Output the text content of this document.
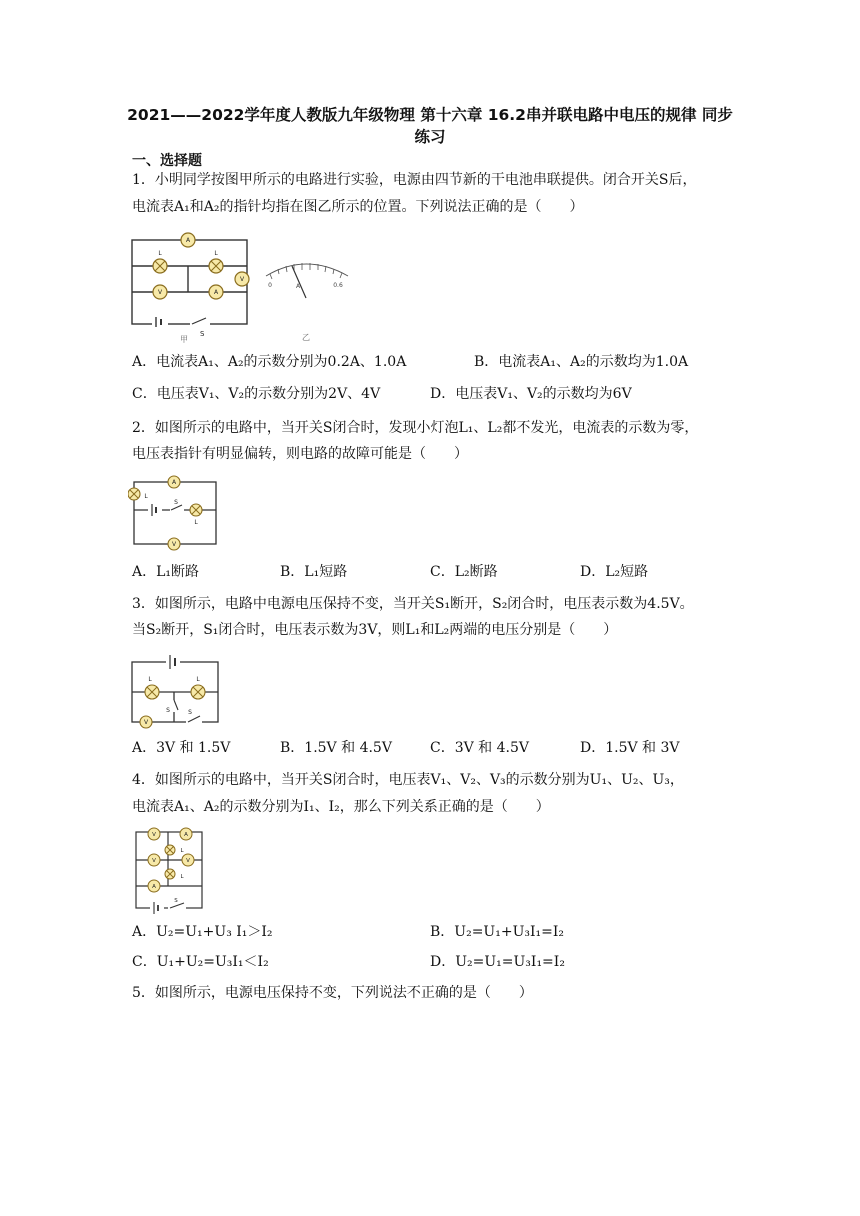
2021——2022学年度人教版九年级物理 第十六章 16.2串并联电路中电压的规律 同步练习
一、选择题
1．小明同学按图甲所示的电路进行实验，电源由四节新的干电池串联提供。闭合开关S后，
电流表A₁和A₂的指针均指在图乙所示的位置。下列说法正确的是（　　）
A
V
V	A
L	L
S
甲
0	A	0.6
乙
A．电流表A₁、A₂的示数分别为0.2A、1.0A	B．电流表A₁、A₂的示数均为1.0A
C．电压表V₁、V₂的示数分别为2V、4V	D．电压表V₁、V₂的示数均为6V
2．如图所示的电路中，当开关S闭合时，发现小灯泡L₁、L₂都不发光，电流表的示数为零，
电压表指针有明显偏转，则电路的故障可能是（　　）
A
V
L
L
S
A．L₁断路	B．L₁短路	C．L₂断路	D．L₂短路
3．如图所示，电路中电源电压保持不变，当开关S₁断开，S₂闭合时，电压表示数为4.5V。
当S₂断开，S₁闭合时，电压表示数为3V，则L₁和L₂两端的电压分别是（　　）
L	L
V
S	S
A．3V 和 1.5V	B．1.5V 和 4.5V	C．3V 和 4.5V	D．1.5V 和 3V
4．如图所示的电路中，当开关S闭合时，电压表V₁、V₂、V₃的示数分别为U₁、U₂、U₃，
电流表A₁、A₂的示数分别为I₁、I₂，那么下列关系正确的是（　　）
V	A
V	V
A
L
L
S
A．U₂=U₁+U₃ I₁＞I₂	B．U₂=U₁+U₃I₁=I₂
C．U₁+U₂=U₃I₁＜I₂	D．U₂=U₁=U₃I₁=I₂
5．如图所示，电源电压保持不变，下列说法不正确的是（　　）
